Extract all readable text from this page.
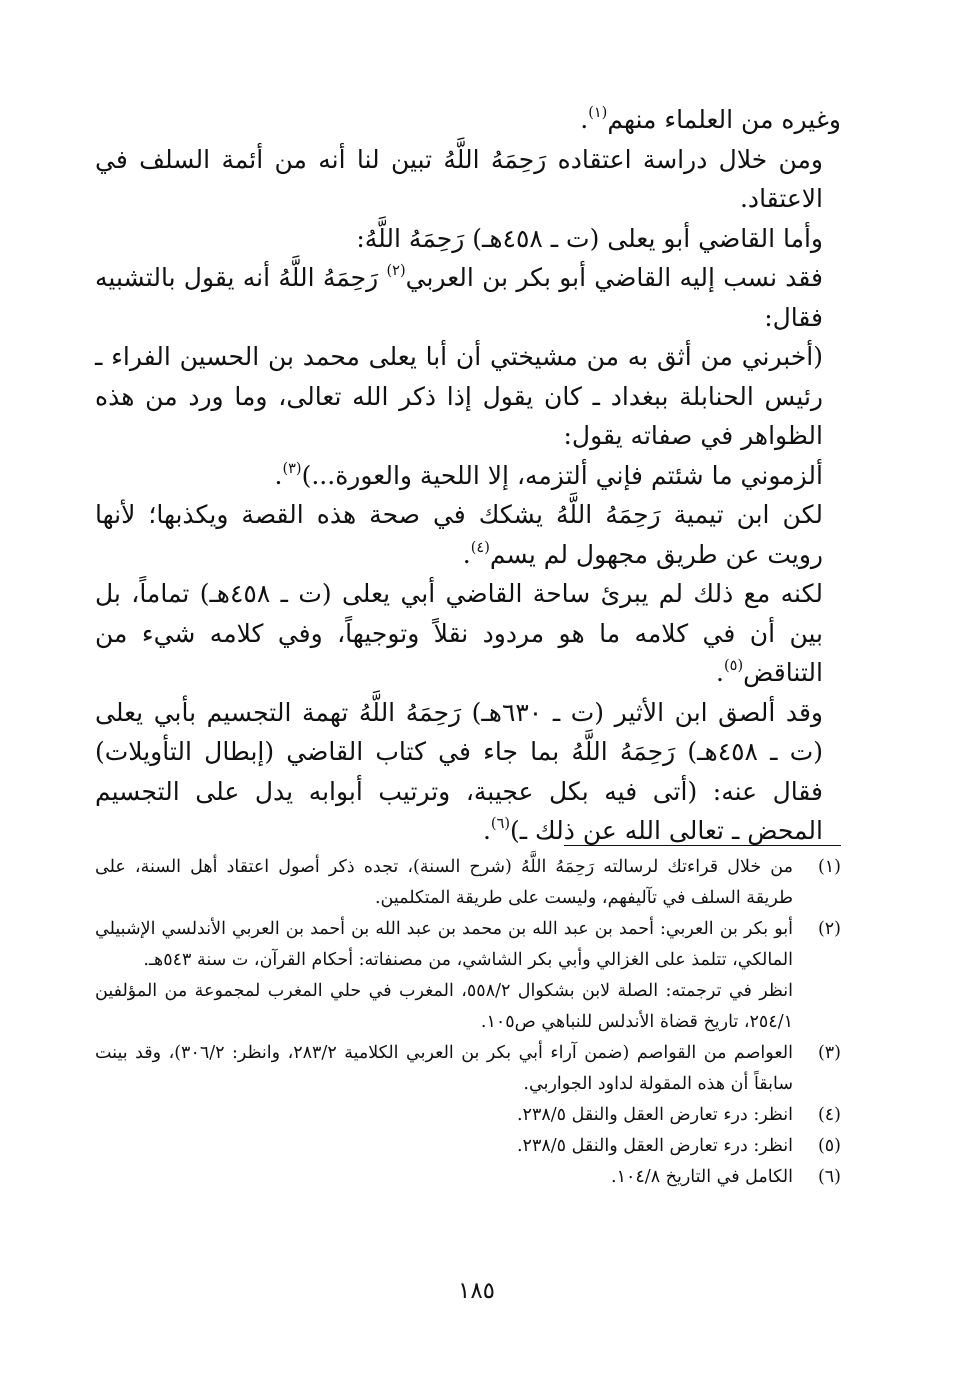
وغيره من العلماء منهم$^{(١)}$.

ومن خلال دراسة اعتقاده رَحِمَهُ اللَّهُ تبين لنا أنه من أئمة السلف في الاعتقاد.

وأما القاضي أبو يعلى (ت ـ ٤٥٨هـ) رَحِمَهُ اللَّهُ:

فقد نسب إليه القاضي أبو بكر بن العربي$^{(٢)}$ رَحِمَهُ اللَّهُ أنه يقول بالتشبيه فقال:

(أخبرني من أثق به من مشيختي أن أبا يعلى محمد بن الحسين الفراء ـ رئيس الحنابلة ببغداد ـ كان يقول إذا ذكر الله تعالى، وما ورد من هذه الظواهر في صفاته يقول:

ألزموني ما شئتم فإني ألتزمه، إلا اللحية والعورة...)$^{(٣)}$.

لكن ابن تيمية رَحِمَهُ اللَّهُ يشكك في صحة هذه القصة ويكذبها؛ لأنها رويت عن طريق مجهول لم يسم$^{(٤)}$.

لكنه مع ذلك لم يبرئ ساحة القاضي أبي يعلى (ت ـ ٤٥٨هـ) تماماً، بل بين أن في كلامه ما هو مردود نقلاً وتوجيهاً، وفي كلامه شيء من التناقض$^{(٥)}$.

وقد ألصق ابن الأثير (ت ـ ٦٣٠هـ) رَحِمَهُ اللَّهُ تهمة التجسيم بأبي يعلى (ت ـ ٤٥٨هـ) رَحِمَهُ اللَّهُ بما جاء في كتاب القاضي (إبطال التأويلات) فقال عنه: (أتى فيه بكل عجيبة، وترتيب أبوابه يدل على التجسيم المحض ـ تعالى الله عن ذلك ـ)$^{(٦)}$.

(١)
من خلال قراءتك لرسالته رَحِمَهُ اللَّهُ (شرح السنة)، تجده ذكر أصول اعتقاد أهل السنة، على طريقة السلف في تآليفهم، وليست على طريقة المتكلمين.
(٢)
أبو بكر بن العربي: أحمد بن عبد الله بن محمد بن عبد الله بن أحمد بن العربي الأندلسي الإشبيلي المالكي، تتلمذ على الغزالي وأبي بكر الشاشي، من مصنفاته: أحكام القرآن، ت سنة ٥٤٣هـ.
انظر في ترجمته: الصلة لابن بشكوال ٥٥٨/٢، المغرب في حلي المغرب لمجموعة من المؤلفين ٢٥٤/١، تاريخ قضاة الأندلس للنباهي ص١٠٥.
(٣)
العواصم من القواصم (ضمن آراء أبي بكر بن العربي الكلامية ٢٨٣/٢، وانظر: ٣٠٦/٢)، وقد بينت سابقاً أن هذه المقولة لداود الجواربي.
(٤)
انظر: درء تعارض العقل والنقل ٢٣٨/٥.
(٥)
انظر: درء تعارض العقل والنقل ٢٣٨/٥.
(٦)
الكامل في التاريخ ١٠٤/٨.
١٨٥
